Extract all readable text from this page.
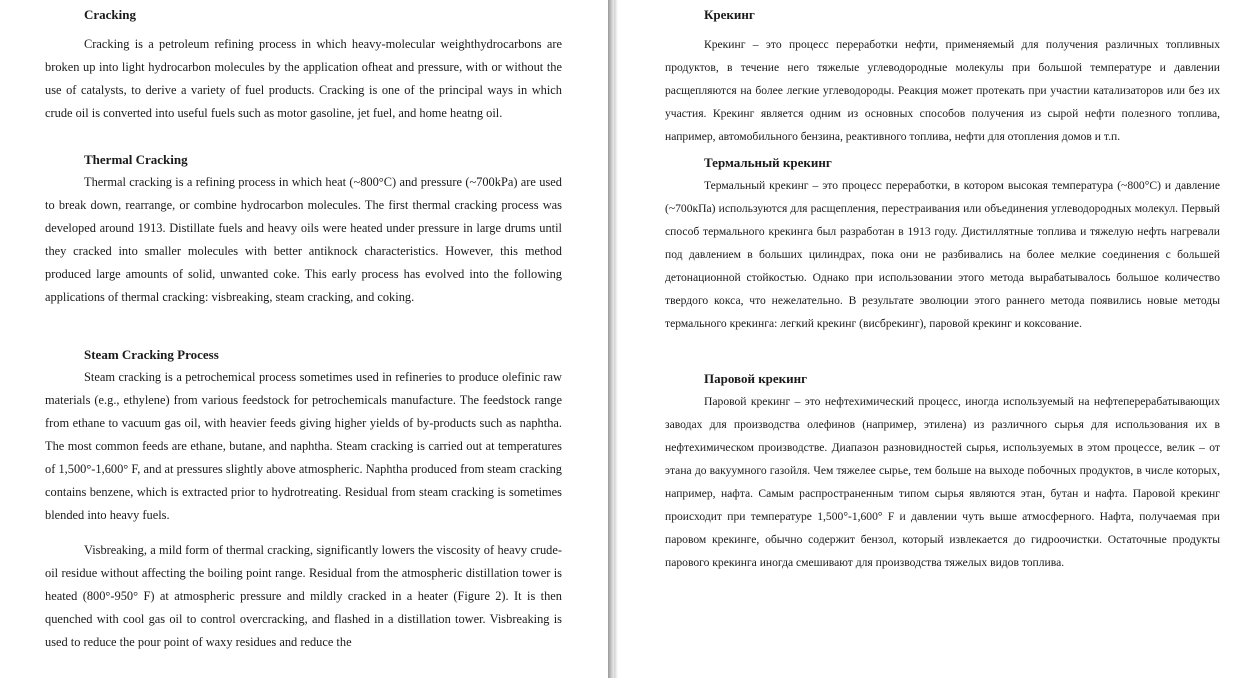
Cracking

Cracking is a petroleum refining process in which heavy-molecular weighthydrocarbons are broken up into light hydrocarbon molecules by the application ofheat and pressure, with or without the use of catalysts, to derive a variety of fuel products. Cracking is one of the principal ways in which crude oil is converted into useful fuels such as motor gasoline, jet fuel, and home heatng oil.

Thermal Cracking

Thermal cracking is a refining process in which heat (~800°C) and pressure (~700kPa) are used to break down, rearrange, or combine hydrocarbon molecules. The first thermal cracking process was developed around 1913. Distillate fuels and heavy oils were heated under pressure in large drums until they cracked into smaller molecules with better antiknock characteristics. However, this method produced large amounts of solid, unwanted coke. This early process has evolved into the following applications of thermal cracking: visbreaking, steam cracking, and coking.

Steam Cracking Process

Steam cracking is a petrochemical process sometimes used in refineries to produce olefinic raw materials (e.g., ethylene) from various feedstock for petrochemicals manufacture. The feedstock range from ethane to vacuum gas oil, with heavier feeds giving higher yields of by-products such as naphtha. The most common feeds are ethane, butane, and naphtha. Steam cracking is carried out at temperatures of 1,500°-1,600° F, and at pressures slightly above atmospheric. Naphtha produced from steam cracking contains benzene, which is extracted prior to hydrotreating. Residual from steam cracking is sometimes blended into heavy fuels.

Visbreaking, a mild form of thermal cracking, significantly lowers the viscosity of heavy crude-oil residue without affecting the boiling point range. Residual from the atmospheric distillation tower is heated (800°-950° F) at atmospheric pressure and mildly cracked in a heater (Figure 2). It is then quenched with cool gas oil to control overcracking, and flashed in a distillation tower. Visbreaking is used to reduce the pour point of waxy residues and reduce the

Крекинг

Крекинг – это процесс переработки нефти, применяемый для получения различных топливных продуктов, в течение него тяжелые углеводородные молекулы при большой температуре и давлении расщепляются на более легкие углеводороды. Реакция может протекать при участии катализаторов или без их участия. Крекинг является одним из основных способов получения из сырой нефти полезного топлива, например, автомобильного бензина, реактивного топлива, нефти для отопления домов и т.п.

Термальный крекинг

Термальный крекинг – это процесс переработки, в котором высокая температура (~800°C) и давление (~700кПа) используются для расщепления, перестраивания или объединения углеводородных молекул. Первый способ термального крекинга был разработан в 1913 году. Дистиллятные топлива и тяжелую нефть нагревали под давлением в больших цилиндрах, пока они не разбивались на более мелкие соединения с большей детонационной стойкостью. Однако при использовании этого метода вырабатывалось большое количество твердого кокса, что нежелательно. В результате эволюции этого раннего метода появились новые методы термального крекинга: легкий крекинг (висбрекинг), паровой крекинг и коксование.

Паровой крекинг

Паровой крекинг – это нефтехимический процесс, иногда используемый на нефтеперерабатывающих заводах для производства олефинов (например, этилена) из различного сырья для использования их в нефтехимическом производстве. Диапазон разновидностей сырья, используемых в этом процессе, велик – от этана до вакуумного газойля. Чем тяжелее сырье, тем больше на выходе побочных продуктов, в числе которых, например, нафта. Самым распространенным типом сырья являются этан, бутан и нафта. Паровой крекинг происходит при температуре 1,500°-1,600° F и давлении чуть выше атмосферного. Нафта, получаемая при паровом крекинге, обычно содержит бензол, который извлекается до гидроочистки. Остаточные продукты парового крекинга иногда смешивают для производства тяжелых видов топлива.
